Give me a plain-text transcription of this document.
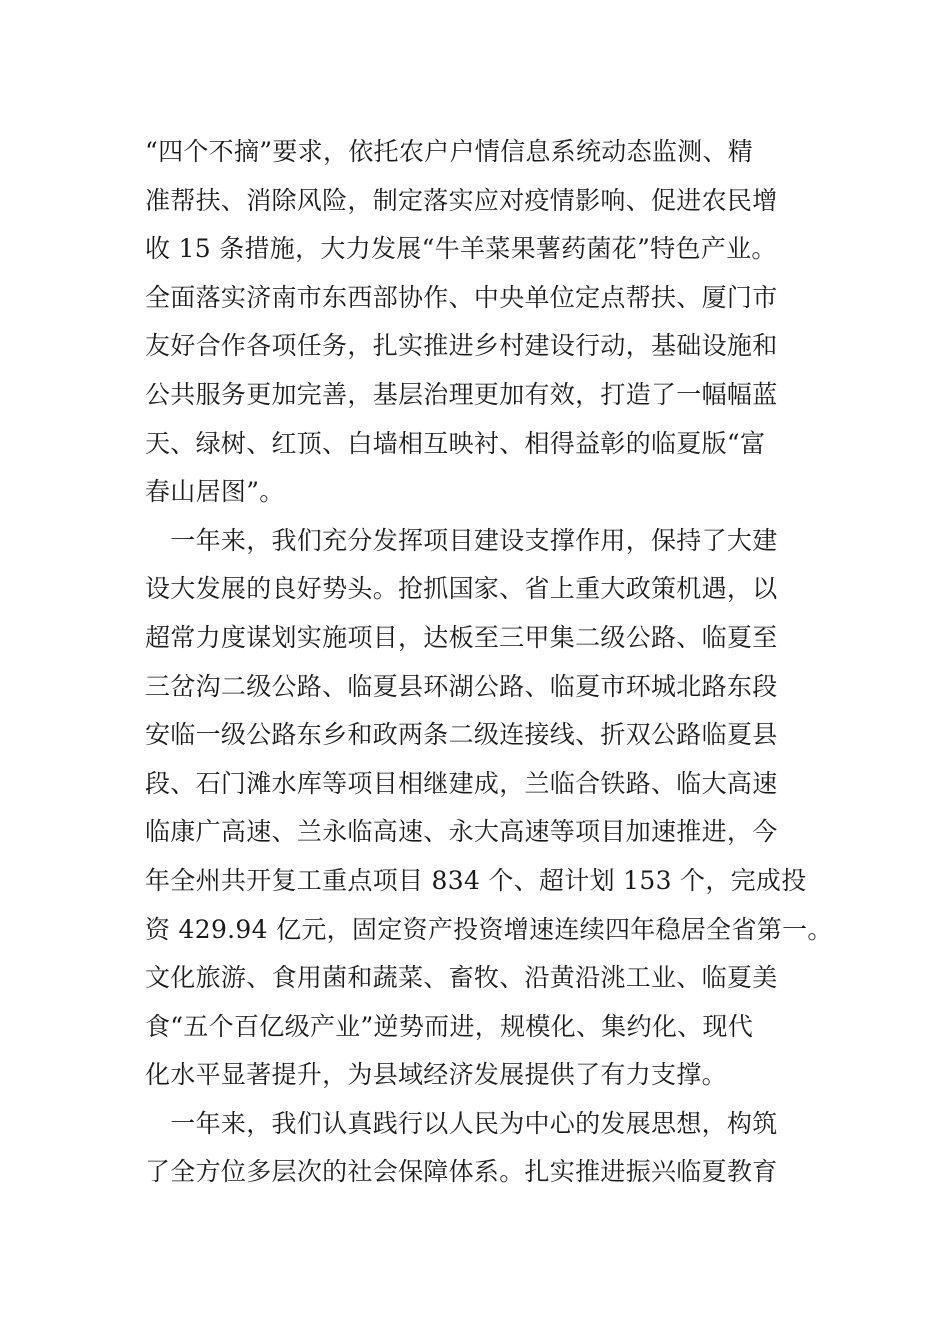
“四个不摘”要求，依托农户户情信息系统动态监测、精
准帮扶、消除风险，制定落实应对疫情影响、促进农民增
收 15 条措施，大力发展“牛羊菜果薯药菌花”特色产业。
全面落实济南市东西部协作、中央单位定点帮扶、厦门市
友好合作各项任务，扎实推进乡村建设行动，基础设施和
公共服务更加完善，基层治理更加有效，打造了一幅幅蓝
天、绿树、红顶、白墙相互映衬、相得益彰的临夏版“富
春山居图”。
　一年来，我们充分发挥项目建设支撑作用，保持了大建
设大发展的良好势头。抢抓国家、省上重大政策机遇，以
超常力度谋划实施项目，达板至三甲集二级公路、临夏至
三岔沟二级公路、临夏县环湖公路、临夏市环城北路东段
安临一级公路东乡和政两条二级连接线、折双公路临夏县
段、石门滩水库等项目相继建成，兰临合铁路、临大高速
临康广高速、兰永临高速、永大高速等项目加速推进，今
年全州共开复工重点项目 834 个、超计划 153 个，完成投
资 429.94 亿元，固定资产投资增速连续四年稳居全省第一。
文化旅游、食用菌和蔬菜、畜牧、沿黄沿洮工业、临夏美
食“五个百亿级产业”逆势而进，规模化、集约化、现代
化水平显著提升，为县域经济发展提供了有力支撑。
　一年来，我们认真践行以人民为中心的发展思想，构筑
了全方位多层次的社会保障体系。扎实推进振兴临夏教育
